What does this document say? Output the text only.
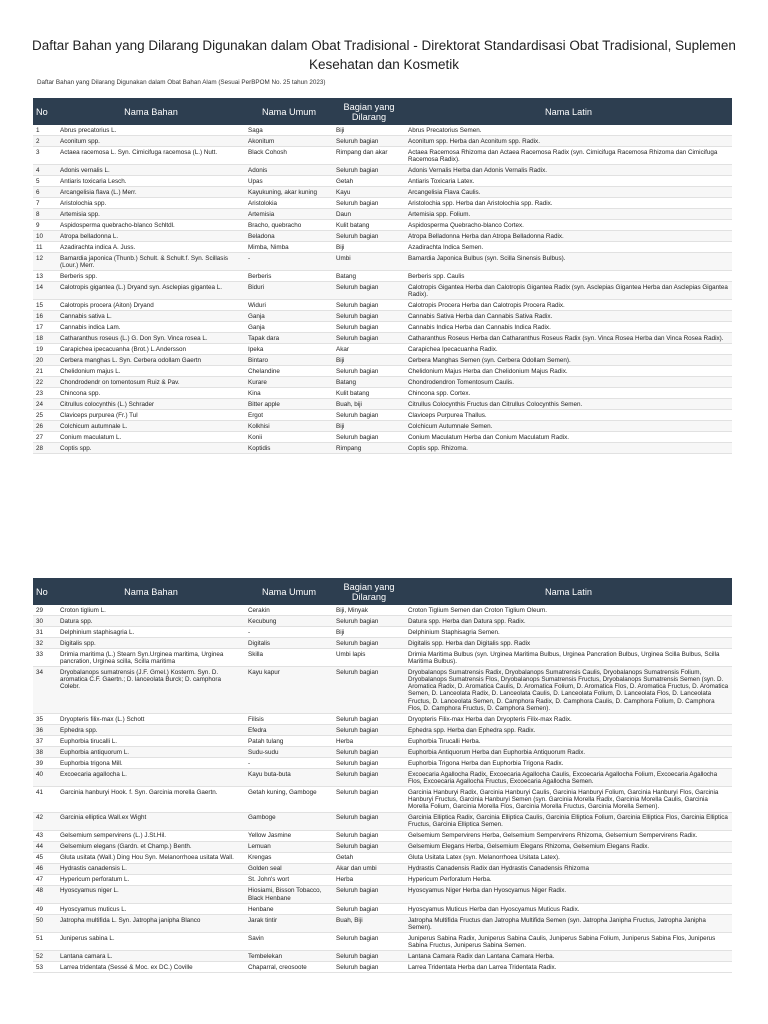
Daftar Bahan yang Dilarang Digunakan dalam Obat Tradisional - Direktorat Standardisasi Obat Tradisional, Suplemen Kesehatan dan Kosmetik
Daftar Bahan yang Dilarang Digunakan dalam Obat Bahan Alam (Sesuai PerBPOM No. 25 tahun 2023)
No	Nama Bahan	Nama Umum	Bagian yang Dilarang	Nama Latin
1	Abrus precatorius L.	Saga	Biji	Abrus Precatorius Semen.
2	Aconitum spp.	Akonitum	Seluruh bagian	Aconitum spp. Herba dan Aconitum spp. Radix.
3	Actaea racemosa L. Syn. Cimicifuga racemosa (L.) Nutt.	Black Cohosh	Rimpang dan akar	Actaea Racemosa Rhizoma dan Actaea Racemosa Radix (syn. Cimicifuga Racemosa Rhizoma dan Cimicifuga Racemosa Radix).
4	Adonis vernalis L.	Adonis	Seluruh bagian	Adonis Vernalis Herba dan Adonis Vernalis Radix.
5	Antiaris toxicaria Lesch.	Upas	Getah	Antiaris Toxicaria Latex.
6	Arcangelisia flava (L.) Merr.	Kayukuning, akar kuning	Kayu	Arcangelisia Flava Caulis.
7	Aristolochia spp.	Aristolokia	Seluruh bagian	Aristolochia spp. Herba dan Aristolochia spp. Radix.
8	Artemisia spp.	Artemisia	Daun	Artemisia spp. Folium.
9	Aspidosperma quebracho-blanco Schltdl.	Bracho, quebracho	Kulit batang	Aspidosperma Quebracho-blanco Cortex.
10	Atropa belladonna L.	Beladona	Seluruh bagian	Atropa Belladonna Herba dan Atropa Belladonna Radix.
11	Azadirachta indica A. Juss.	Mimba, Nimba	Biji	Azadirachta Indica Semen.
12	Bamardia japonica (Thunb.) Schult. & Schult.f. Syn. Scillasis (Lour.) Merr.	-	Umbi	Bamardia Japonica Bulbus (syn. Scilla Sinensis Bulbus).
13	Berberis spp.	Berberis	Batang	Berberis spp. Caulis
14	Calotropis gigantea (L.) Dryand syn. Asclepias gigantea L.	Biduri	Seluruh bagian	Calotropis Gigantea Herba dan Calotropis Gigantea Radix (syn. Asclepias Gigantea Herba dan Asclepias Gigantea Radix).
15	Calotropis procera (Aiton) Dryand	Widuri	Seluruh bagian	Calotropis Procera Herba dan Calotropis Procera Radix.
16	Cannabis sativa L.	Ganja	Seluruh bagian	Cannabis Sativa Herba dan Cannabis Sativa Radix.
17	Cannabis indica Lam.	Ganja	Seluruh bagian	Cannabis Indica Herba dan Cannabis Indica Radix.
18	Catharanthus roseus (L.) G. Don Syn. Vinca rosea L.	Tapak dara	Seluruh bagian	Catharanthus Roseus Herba dan Catharanthus Roseus Radix (syn. Vinca Rosea Herba dan Vinca Rosea Radix).
19	Carapichea ipecacuanha (Brot.) L.Andersson	Ipeka	Akar	Carapichea Ipecacuanha Radix.
20	Cerbera manghas L. Syn. Cerbera odollam Gaertn	Bintaro	Biji	Cerbera Manghas Semen (syn. Cerbera Odollam Semen).
21	Chelidonium majus L.	Chelandine	Seluruh bagian	Chelidonium Majus Herba dan Chelidonium Majus Radix.
22	Chondrodendr on tomentosum Ruiz & Pav.	Kurare	Batang	Chondrodendron Tomentosum Caulis.
23	Chincona spp.	Kina	Kulit batang	Chincona spp. Cortex.
24	Citrullus colocynthis (L.) Schrader	Bitter apple	Buah, biji	Citrullus Colocynthis Fructus dan Citrullus Colocynthis Semen.
25	Claviceps purpurea (Fr.) Tul	Ergot	Seluruh bagian	Claviceps Purpurea Thallus.
26	Colchicum autumnale L.	Kolkhisi	Biji	Colchicum Autumnale Semen.
27	Conium maculatum L.	Konii	Seluruh bagian	Conium Maculatum Herba dan Conium Maculatum Radix.
28	Coptis spp.	Koptidis	Rimpang	Coptis spp. Rhizoma.
No	Nama Bahan	Nama Umum	Bagian yang Dilarang	Nama Latin
29	Croton tiglium L.	Cerakin	Biji, Minyak	Croton Tiglium Semen dan Croton Tiglium Oleum.
30	Datura spp.	Kecubung	Seluruh bagian	Datura spp. Herba dan Datura spp. Radix.
31	Delphinium staphisagria L.	-	Biji	Delphinium Staphisagria Semen.
32	Digitalis spp.	Digitalis	Seluruh bagian	Digitalis spp. Herba dan Digitalis spp. Radix
33	Drimia maritima (L.) Stearn Syn.Urginea maritima, Urginea pancration, Urginea scilla, Scilla maritima	Skilla	Umbi lapis	Drimia Maritima Bulbus (syn. Urginea Maritima Bulbus, Urginea Pancration Bulbus, Urginea Scilla Bulbus, Scilla Maritima Bulbus).
34	Dryobalanops sumatrensis (J.F. Gmel.) Kosterm. Syn. D. aromatica C.F. Gaertn.; D. lanceolata Burck; D. camphora Colebr.	Kayu kapur	Seluruh bagian	Dryobalanops Sumatrensis Radix, Dryobalanops Sumatrensis Caulis, Dryobalanops Sumatrensis Folium, Dryobalanops Sumatrensis Flos, Dryobalanops Sumatrensis Fructus, Dryobalanops Sumatrensis Semen (syn. D. Aromatica Radix, D. Aromatica Caulis, D. Aromatica Folium, D. Aromatica Flos, D. Aromatica Fructus, D. Aromatica Semen, D. Lanceolata Radix, D. Lanceolata Caulis, D. Lanceolata Folium, D. Lanceolata Flos, D. Lanceolata Fructus, D. Lanceolata Semen, D. Camphora Radix, D. Camphora Caulis, D. Camphora Folium, D. Camphora Flos, D. Camphora Fructus, D. Camphora Semen).
35	Dryopteris filix-max (L.) Schott	Filisis	Seluruh bagian	Dryopteris Filix-max Herba dan Dryopteris Filix-max Radix.
36	Ephedra spp.	Efedra	Seluruh bagian	Ephedra spp. Herba dan Ephedra spp. Radix.
37	Euphorbia tirucalli L.	Patah tulang	Herba	Euphorbia Tirucalli Herba.
38	Euphorbia antiquorum L.	Sudu-sudu	Seluruh bagian	Euphorbia Antiquorum Herba dan Euphorbia Antiquorum Radix.
39	Euphorbia trigona Mill.	-	Seluruh bagian	Euphorbia Trigona Herba dan Euphorbia Trigona Radix.
40	Excoecaria agallocha L.	Kayu buta-buta	Seluruh bagian	Excoecaria Agallocha Radix, Excoecaria Agallocha Caulis, Excoecaria Agallocha Folium, Excoecaria Agallocha Flos, Excoecaria Agallocha Fructus, Excoecaria Agallocha Semen.
41	Garcinia hanburyi Hook. f. Syn. Garcinia morella Gaertn.	Getah kuning, Gamboge	Seluruh bagian	Garcinia Hanburyi Radix, Garcinia Hanburyi Caulis, Garcinia Hanburyi Folium, Garcinia Hanburyi Flos, Garcinia Hanburyi Fructus, Garcinia Hanburyi Semen (syn. Garcinia Morella Radix, Garcinia Morella Caulis, Garcinia Morella Folium, Garcinia Morella Flos, Garcinia Morella Fructus, Garcinia Morella Semen).
42	Garcinia elliptica Wall.ex Wight	Gamboge	Seluruh bagian	Garcinia Elliptica Radix, Garcinia Elliptica Caulis, Garcinia Elliptica Folium, Garcinia Elliptica Flos, Garcinia Elliptica Fructus, Garcinia Elliptica Semen.
43	Gelsemium sempervirens (L.) J.St.Hil.	Yellow Jasmine	Seluruh bagian	Gelsemium Sempervirens Herba, Gelsemium Sempervirens Rhizoma, Gelsemium Sempervirens Radix.
44	Gelsemium elegans (Gardn. et Champ.) Benth.	Lemuan	Seluruh bagian	Gelsemium Elegans Herba, Gelsemium Elegans Rhizoma, Gelsemium Elegans Radix.
45	Gluta usitata (Wall.) Ding Hou Syn. Melanorrhoea usitata Wall.	Krengas	Getah	Gluta Usitata Latex (syn. Melanorrhoea Usitata Latex).
46	Hydrastis canadensis L.	Golden seal	Akar dan umbi	Hydrastis Canadensis Radix dan Hydrastis Canadensis Rhizoma
47	Hypericum perforatum L.	St. John's wort	Herba	Hypericum Perforatum Herba.
48	Hyoscyamus niger L.	Hiosiami, Bisson Tobacco, Black Henbane	Seluruh bagian	Hyoscyamus Niger Herba dan Hyoscyamus Niger Radix.
49	Hyoscyamus muticus L.	Henbane	Seluruh bagian	Hyoscyamus Muticus Herba dan Hyoscyamus Muticus Radix.
50	Jatropha multifida L. Syn. Jatropha janipha Blanco	Jarak tintir	Buah, Biji	Jatropha Multifida Fructus dan Jatropha Multifida Semen (syn. Jatropha Janipha Fructus, Jatropha Janipha Semen).
51	Juniperus sabina L.	Savin	Seluruh bagian	Juniperus Sabina Radix, Juniperus Sabina Caulis, Juniperus Sabina Folium, Juniperus Sabina Flos, Juniperus Sabina Fructus, Juniperus Sabina Semen.
52	Lantana camara L.	Tembelekan	Seluruh bagian	Lantana Camara Radix dan Lantana Camara Herba.
53	Larrea tridentata (Sessé & Moc. ex DC.) Coville	Chaparral, creosoote	Seluruh bagian	Larrea Tridentata Herba dan Larrea Tridentata Radix.
